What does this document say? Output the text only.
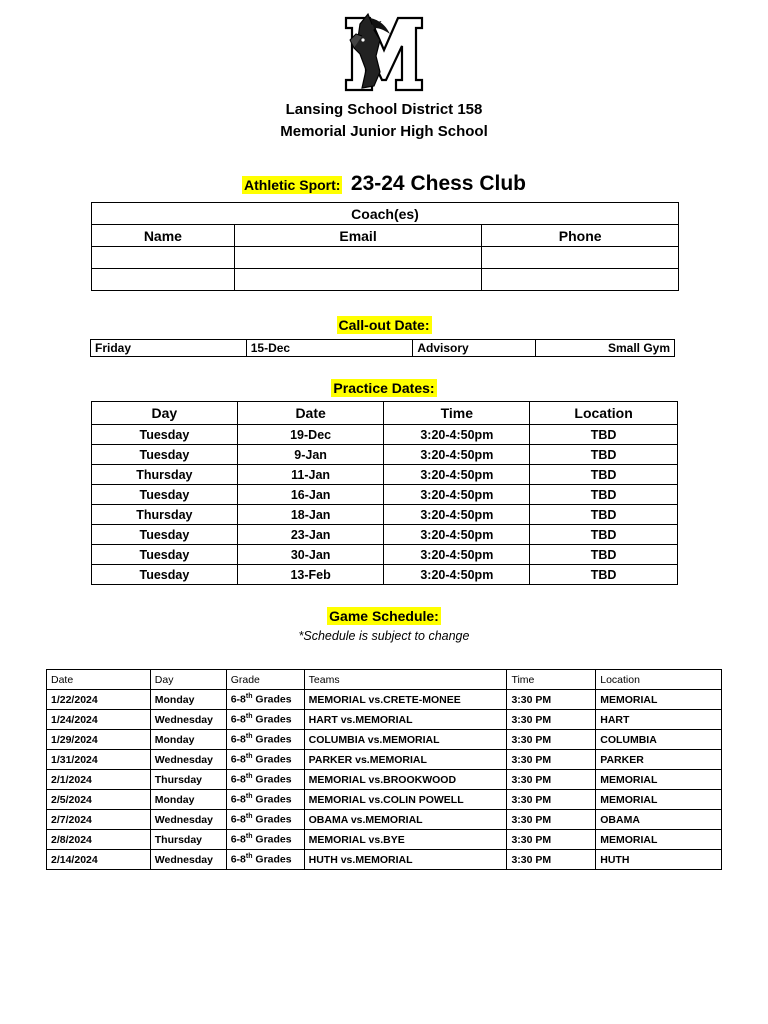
Lansing School District 158
Memorial Junior High School
Athletic Sport: 23-24 Chess Club
Coach(es)		
Name	Email	Phone

Call-out Date:
Friday	15-Dec	Advisory	Small Gym
Practice Dates:
Day	Date	Time	Location
Tuesday	19-Dec	3:20-4:50pm	TBD
Tuesday	9-Jan	3:20-4:50pm	TBD
Thursday	11-Jan	3:20-4:50pm	TBD
Tuesday	16-Jan	3:20-4:50pm	TBD
Thursday	18-Jan	3:20-4:50pm	TBD
Tuesday	23-Jan	3:20-4:50pm	TBD
Tuesday	30-Jan	3:20-4:50pm	TBD
Tuesday	13-Feb	3:20-4:50pm	TBD
Game Schedule:
*Schedule is subject to change
Date	Day	Grade	Teams	Time	Location
1/22/2024	Monday	6-8th Grades	MEMORIAL vs.CRETE-MONEE	3:30 PM	MEMORIAL
1/24/2024	Wednesday	6-8th Grades	HART vs.MEMORIAL	3:30 PM	HART
1/29/2024	Monday	6-8th Grades	COLUMBIA vs.MEMORIAL	3:30 PM	COLUMBIA
1/31/2024	Wednesday	6-8th Grades	PARKER vs.MEMORIAL	3:30 PM	PARKER
2/1/2024	Thursday	6-8th Grades	MEMORIAL vs.BROOKWOOD	3:30 PM	MEMORIAL
2/5/2024	Monday	6-8th Grades	MEMORIAL vs.COLIN POWELL	3:30 PM	MEMORIAL
2/7/2024	Wednesday	6-8th Grades	OBAMA vs.MEMORIAL	3:30 PM	OBAMA
2/8/2024	Thursday	6-8th Grades	MEMORIAL vs.BYE	3:30 PM	MEMORIAL
2/14/2024	Wednesday	6-8th Grades	HUTH vs.MEMORIAL	3:30 PM	HUTH
